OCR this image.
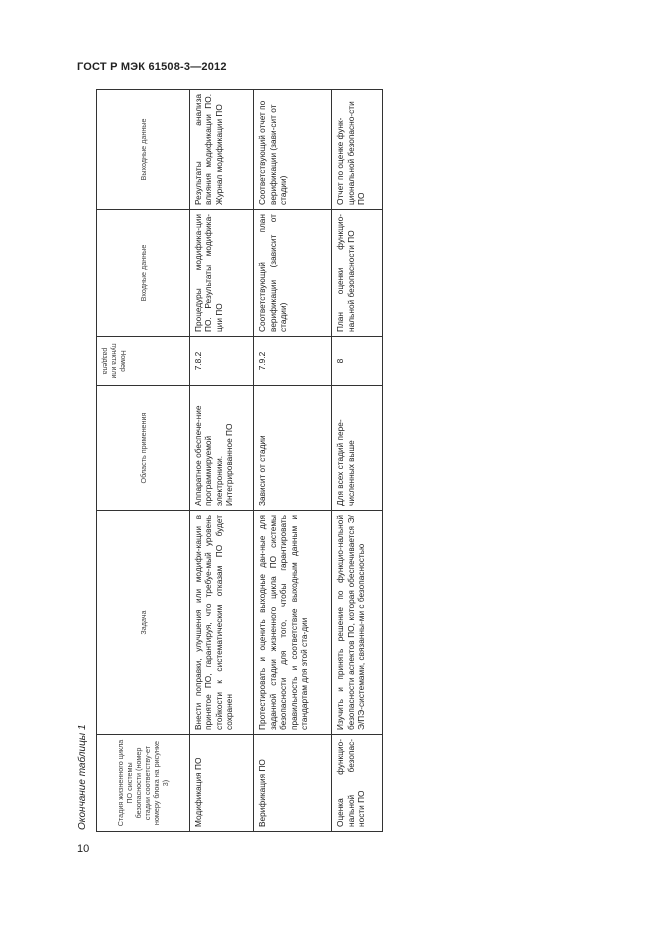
ГОСТ Р МЭК 61508-3—2012
10
Окончание таблицы 1	Стадия жизненного цикла ПО системы безопасности (номер стадии соответству-ет номеру блока на рисунке 3)	Задача	Область применения	Номер пункта или раздела	Входные данные	Выходные данные
Модификация ПО	Внести поправки, улучшения или модифи-кации в принятое ПО, гарантируя, что требуе-мый уровень стойкости к систематическим отказам ПО будет сохранен	Аппаратное обеспече-ние программируемой электроники. Интегрированное ПО	7.8.2	Процедуры модифика-ции ПО. Результаты модифика-ции ПО	Результаты анализа влияния модификации ПО. Журнал модификации ПО
Верификация ПО	Протестировать и оценить выходные дан-ные для заданной стадии жизненного цикла ПО системы безопасности для того, чтобы гарантировать правильность и соответствие выходным данным и стандартам для этой ста-дии	Зависит от стадии	7.9.2	Соответствующий план верификации (зависит от стадии)	Соответствующий отчет по верификации (зави-сит от стадии)
Оценка функцио-нальной безопас-ности ПО	Изучить и принять решение по функцио-нальной безопасности аспектов ПО, которая обеспечивается Э/Э/ПЭ-системами, связанны-ми с безопасностью	Для всех стадий пере-численных выше	8	План оценки функцио-нальной безопасности ПО	Отчет по оценке функ-циональной безопасно-сти ПО
